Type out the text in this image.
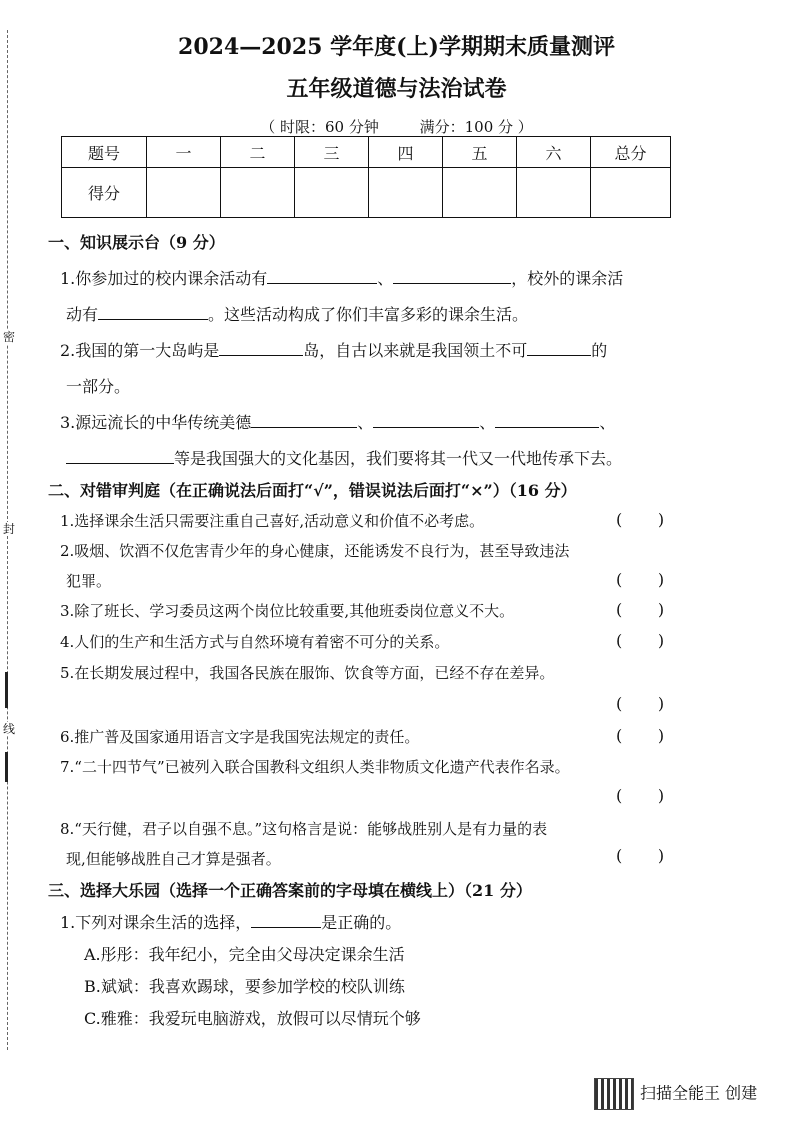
密
封
线
2024—2025 学年度(上)学期期末质量测评
五年级道德与法治试卷
（ 时限：60 分钟	满分：100 分 ）
题号	一	二	三	四	五	六	总分
得分							
一、知识展示台（9 分）
1.你参加过的校内课余活动有	、	，校外的课余活
动有	。这些活动构成了你们丰富多彩的课余生活。
2.我国的第一大岛屿是	岛，自古以来就是我国领土不可	的
一部分。
3.源远流长的中华传统美德	、	、	、
等是我国强大的文化基因，我们要将其一代又一代地传承下去。
二、对错审判庭（在正确说法后面打“√”，错误说法后面打“×”）（16 分）
1.选择课余生活只需要注重自己喜好,活动意义和价值不必考虑。	(       )
2.吸烟、饮酒不仅危害青少年的身心健康，还能诱发不良行为，甚至导致违法
犯罪。	(       )
3.除了班长、学习委员这两个岗位比较重要,其他班委岗位意义不大。	(       )
4.人们的生产和生活方式与自然环境有着密不可分的关系。	(       )
5.在长期发展过程中，我国各民族在服饰、饮食等方面，已经不存在差异。
(       )
6.推广普及国家通用语言文字是我国宪法规定的责任。	(       )
7.“二十四节气”已被列入联合国教科文组织人类非物质文化遗产代表作名录。
(       )
8.“天行健，君子以自强不息。”这句格言是说：能够战胜别人是有力量的表
现,但能够战胜自己才算是强者。	(       )
三、选择大乐园（选择一个正确答案前的字母填在横线上）（21 分）
1.下列对课余生活的选择，	是正确的。
A.彤彤：我年纪小，完全由父母决定课余生活
B.斌斌：我喜欢踢球，要参加学校的校队训练
C.雅雅：我爱玩电脑游戏，放假可以尽情玩个够
扫描全能王 创建
